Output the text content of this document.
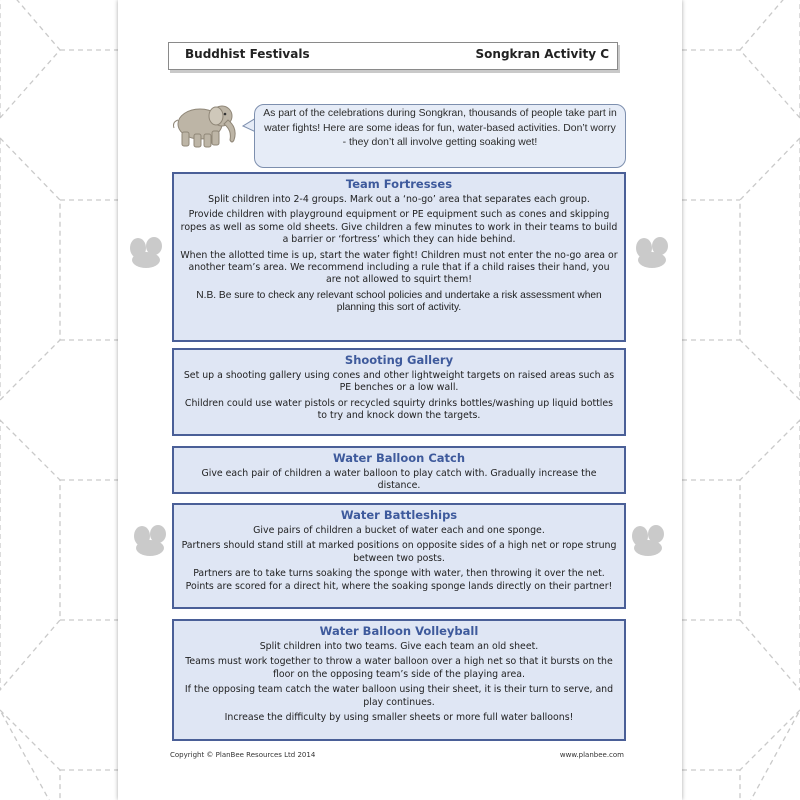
Buddhist Festivals	Songkran Activity C
As part of the celebrations during Songkran, thousands of people take part in water fights! Here are some ideas for fun, water-based activities. Don’t worry - they don’t all involve getting soaking wet!
Team Fortresses

Split children into 2-4 groups. Mark out a ‘no-go’ area that separates each group.

Provide children with playground equipment or PE equipment such as cones and skipping ropes as well as some old sheets. Give children a few minutes to work in their teams to build a barrier or ‘fortress’ which they can hide behind.

When the allotted time is up, start the water fight! Children must not enter the no-go area or another team’s area. We recommend including a rule that if a child raises their hand, you are not allowed to squirt them!

N.B. Be sure to check any relevant school policies and undertake a risk assessment when planning this sort of activity.

Shooting Gallery

Set up a shooting gallery using cones and other lightweight targets on raised areas such as PE benches or a low wall.

Children could use water pistols or recycled squirty drinks bottles/washing up liquid bottles to try and knock down the targets.

Water Balloon Catch

Give each pair of children a water balloon to play catch with. Gradually increase the distance.

Water Battleships

Give pairs of children a bucket of water each and one sponge.

Partners should stand still at marked positions on opposite sides of a high net or rope strung between two posts.

Partners are to take turns soaking the sponge with water, then throwing it over the net. Points are scored for a direct hit, where the soaking sponge lands directly on their partner!

Water Balloon Volleyball

Split children into two teams. Give each team an old sheet.

Teams must work together to throw a water balloon over a high net so that it bursts on the floor on the opposing team’s side of the playing area.

If the opposing team catch the water balloon using their sheet, it is their turn to serve, and play continues.

Increase the difficulty by using smaller sheets or more full water balloons!

Copyright © PlanBee Resources Ltd 2014	www.planbee.com
